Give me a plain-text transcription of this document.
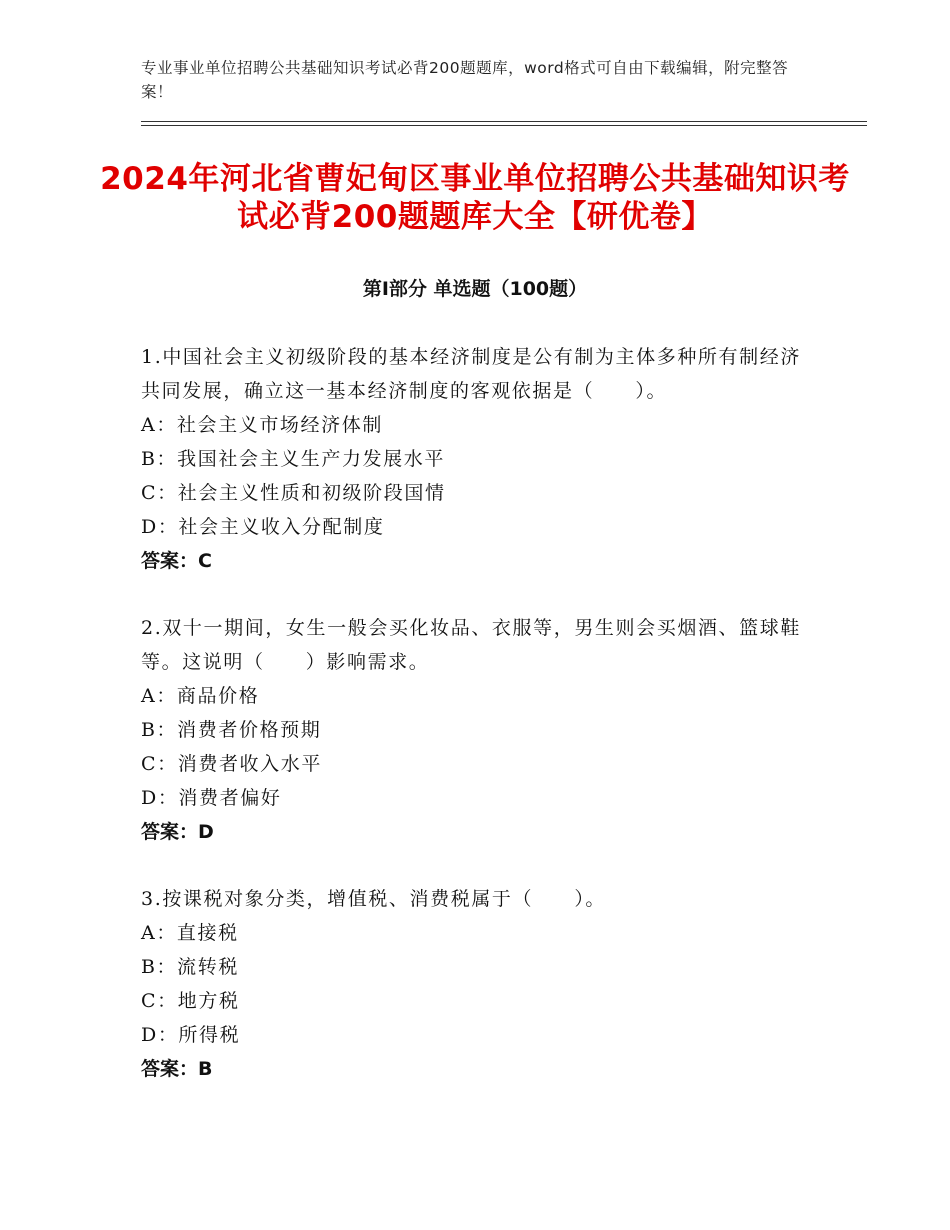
专业事业单位招聘公共基础知识考试必背200题题库，word格式可自由下载编辑，附完整答案！
2024年河北省曹妃甸区事业单位招聘公共基础知识考试必背200题题库大全【研优卷】
第Ⅰ部分 单选题（100题）

1.中国社会主义初级阶段的基本经济制度是公有制为主体多种所有制经济共同发展，确立这一基本经济制度的客观依据是（　　）。

A：社会主义市场经济体制

B：我国社会主义生产力发展水平

C：社会主义性质和初级阶段国情

D：社会主义收入分配制度

答案：C

2.双十一期间，女生一般会买化妆品、衣服等，男生则会买烟酒、篮球鞋等。这说明（　　）影响需求。

A：商品价格

B：消费者价格预期

C：消费者收入水平

D：消费者偏好

答案：D

3.按课税对象分类，增值税、消费税属于（　　）。

A：直接税

B：流转税

C：地方税

D：所得税

答案：B
